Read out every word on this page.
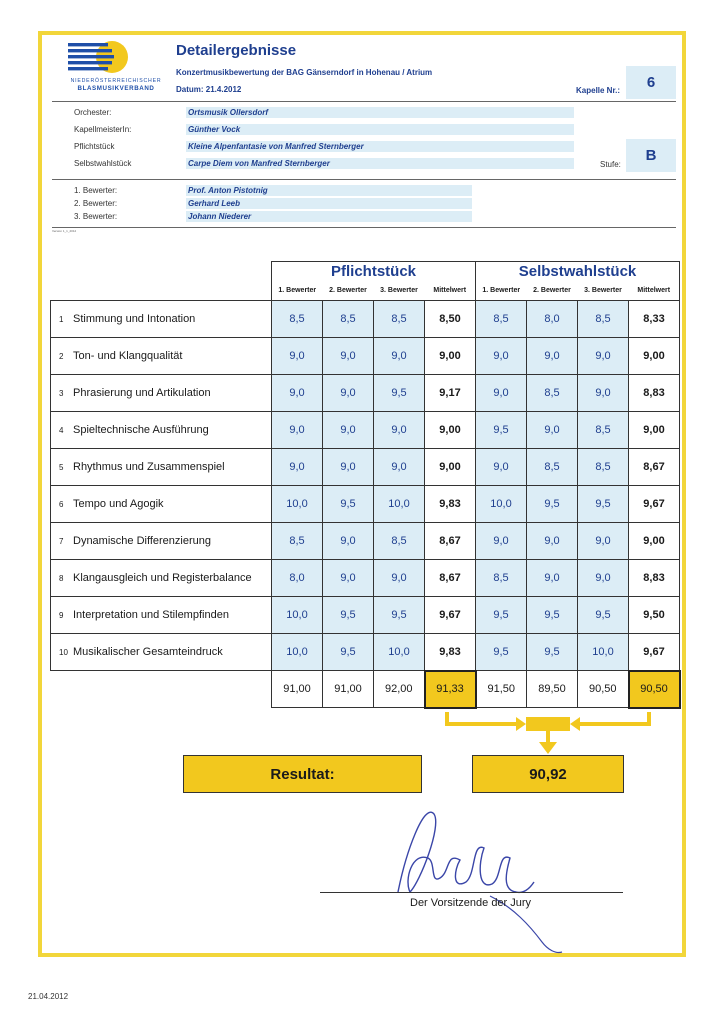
NIEDERÖSTERREICHISCHER
BLASMUSIKVERBAND
Detailergebnisse
Konzertmusikbewertung der BAG Gänserndorf in Hohenau / Atrium
Datum: 21.4.2012	Kapelle Nr.:	6
Orchester:	Ortsmusik Ollersdorf
KapellmeisterIn:	Günther Vock
Pflichtstück	Kleine Alpenfantasie von Manfred Sternberger
Selbstwahlstück	Carpe Diem von Manfred Sternberger	Stufe:
B
1. Bewerter:	Prof. Anton Pistotnig
2. Bewerter:	Gerhard Leeb
3. Bewerter:	Johann Niederer
Version 1_1_2012
	Pflichtstück				Selbstwahlstück			
	1. Bewerter	2. Bewerter	3. Bewerter	Mittelwert	1. Bewerter	2. Bewerter	3. Bewerter	Mittelwert
1 Stimmung und Intonation	8,5	8,5	8,5	8,50	8,5	8,0	8,5	8,33
2 Ton- und Klangqualität	9,0	9,0	9,0	9,00	9,0	9,0	9,0	9,00
3 Phrasierung und Artikulation	9,0	9,0	9,5	9,17	9,0	8,5	9,0	8,83
4 Spieltechnische Ausführung	9,0	9,0	9,0	9,00	9,5	9,0	8,5	9,00
5 Rhythmus und Zusammenspiel	9,0	9,0	9,0	9,00	9,0	8,5	8,5	8,67
6 Tempo und Agogik	10,0	9,5	10,0	9,83	10,0	9,5	9,5	9,67
7 Dynamische Differenzierung	8,5	9,0	8,5	8,67	9,0	9,0	9,0	9,00
8 Klangausgleich und Registerbalance	8,0	9,0	9,0	8,67	8,5	9,0	9,0	8,83
9 Interpretation und Stilempfinden	10,0	9,5	9,5	9,67	9,5	9,5	9,5	9,50
10 Musikalischer Gesamteindruck	10,0	9,5	10,0	9,83	9,5	9,5	10,0	9,67
	91,00	91,00	92,00	91,33	91,50	89,50	90,50	90,50
Resultat:	90,92
Der Vorsitzende der Jury
21.04.2012
